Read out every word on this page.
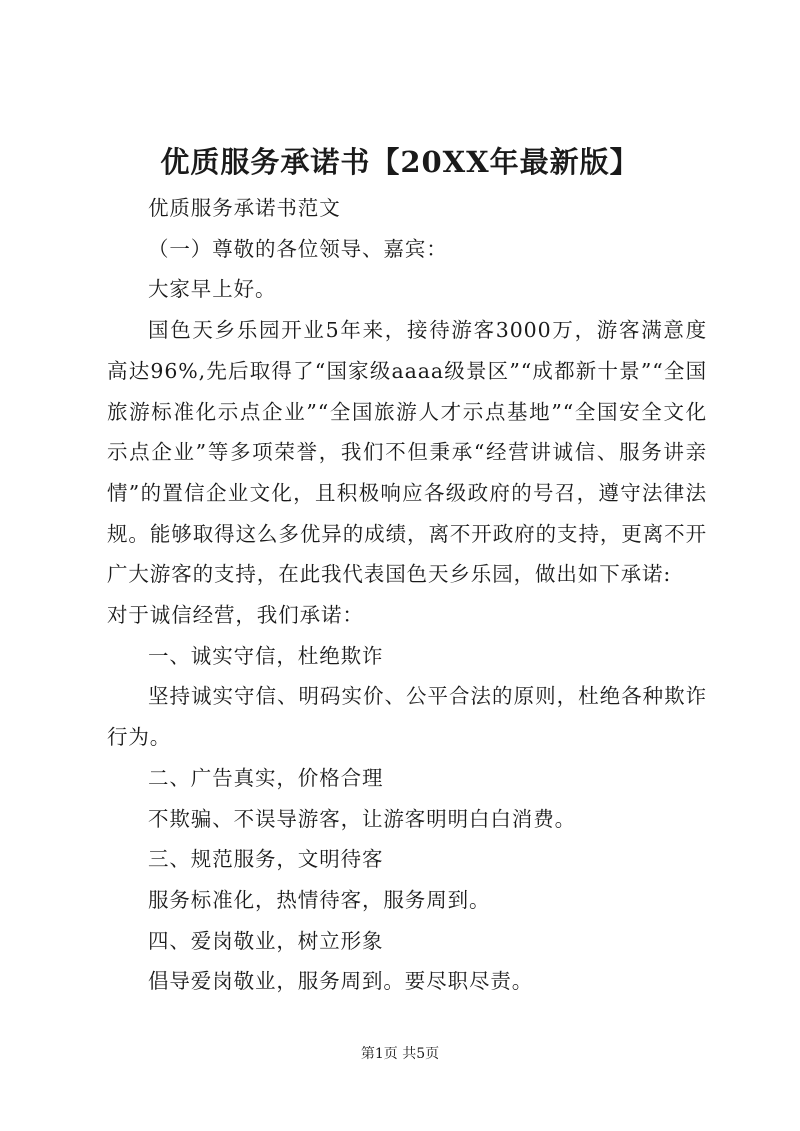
优质服务承诺书【20XX年最新版】

优质服务承诺书范文

（一）尊敬的各位领导、嘉宾：

大家早上好。

国色天乡乐园开业5年来，接待游客3000万，游客满意度高达96%,先后取得了“国家级aaaa级景区”“成都新十景”“全国旅游标准化示点企业”“全国旅游人才示点基地”“全国安全文化示点企业”等多项荣誉，我们不但秉承“经营讲诚信、服务讲亲情”的置信企业文化，且积极响应各级政府的号召，遵守法律法规。能够取得这么多优异的成绩，离不开政府的支持，更离不开广大游客的支持，在此我代表国色天乡乐园，做出如下承诺:

对于诚信经营，我们承诺：

一、诚实守信，杜绝欺诈

坚持诚实守信、明码实价、公平合法的原则，杜绝各种欺诈行为。

二、广告真实，价格合理

不欺骗、不误导游客，让游客明明白白消费。

三、规范服务，文明待客

服务标准化，热情待客，服务周到。

四、爱岗敬业，树立形象

倡导爱岗敬业，服务周到。要尽职尽责。

第1页 共5页
